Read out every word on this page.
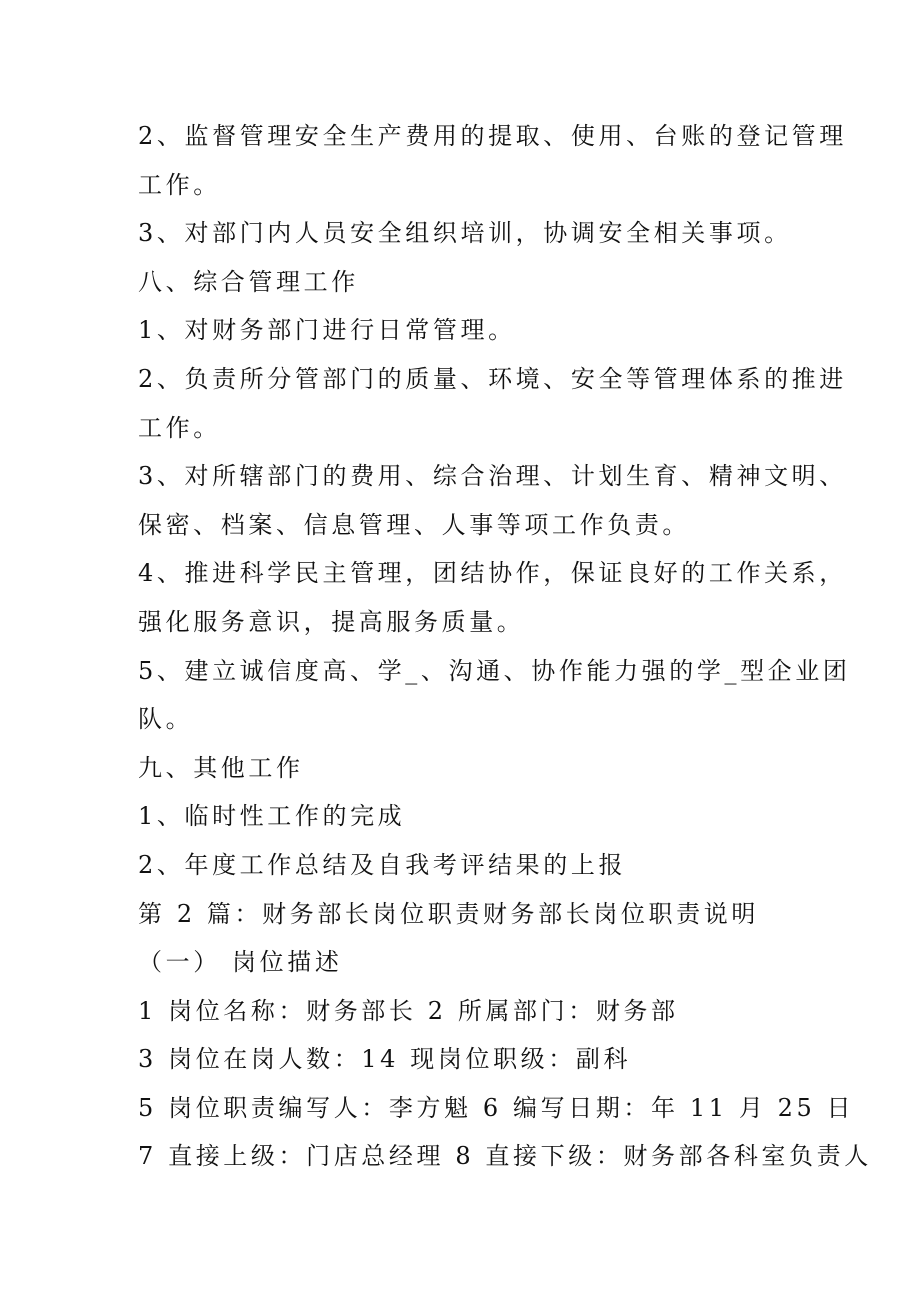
2、监督管理安全生产费用的提取、使用、台账的登记管理
工作。
3、对部门内人员安全组织培训，协调安全相关事项。
八、综合管理工作
1、对财务部门进行日常管理。
2、负责所分管部门的质量、环境、安全等管理体系的推进
工作。
3、对所辖部门的费用、综合治理、计划生育、精神文明、
保密、档案、信息管理、人事等项工作负责。
4、推进科学民主管理，团结协作，保证良好的工作关系，
强化服务意识，提高服务质量。
5、建立诚信度高、学_、沟通、协作能力强的学_型企业团
队。
九、其他工作
1、临时性工作的完成
2、年度工作总结及自我考评结果的上报
第 2 篇：财务部长岗位职责财务部长岗位职责说明
（一） 岗位描述
1 岗位名称：财务部长 2 所属部门：财务部
3 岗位在岗人数：14 现岗位职级：副科
5 岗位职责编写人：李方魁 6 编写日期：年 11 月 25 日
7 直接上级：门店总经理 8 直接下级：财务部各科室负责人
